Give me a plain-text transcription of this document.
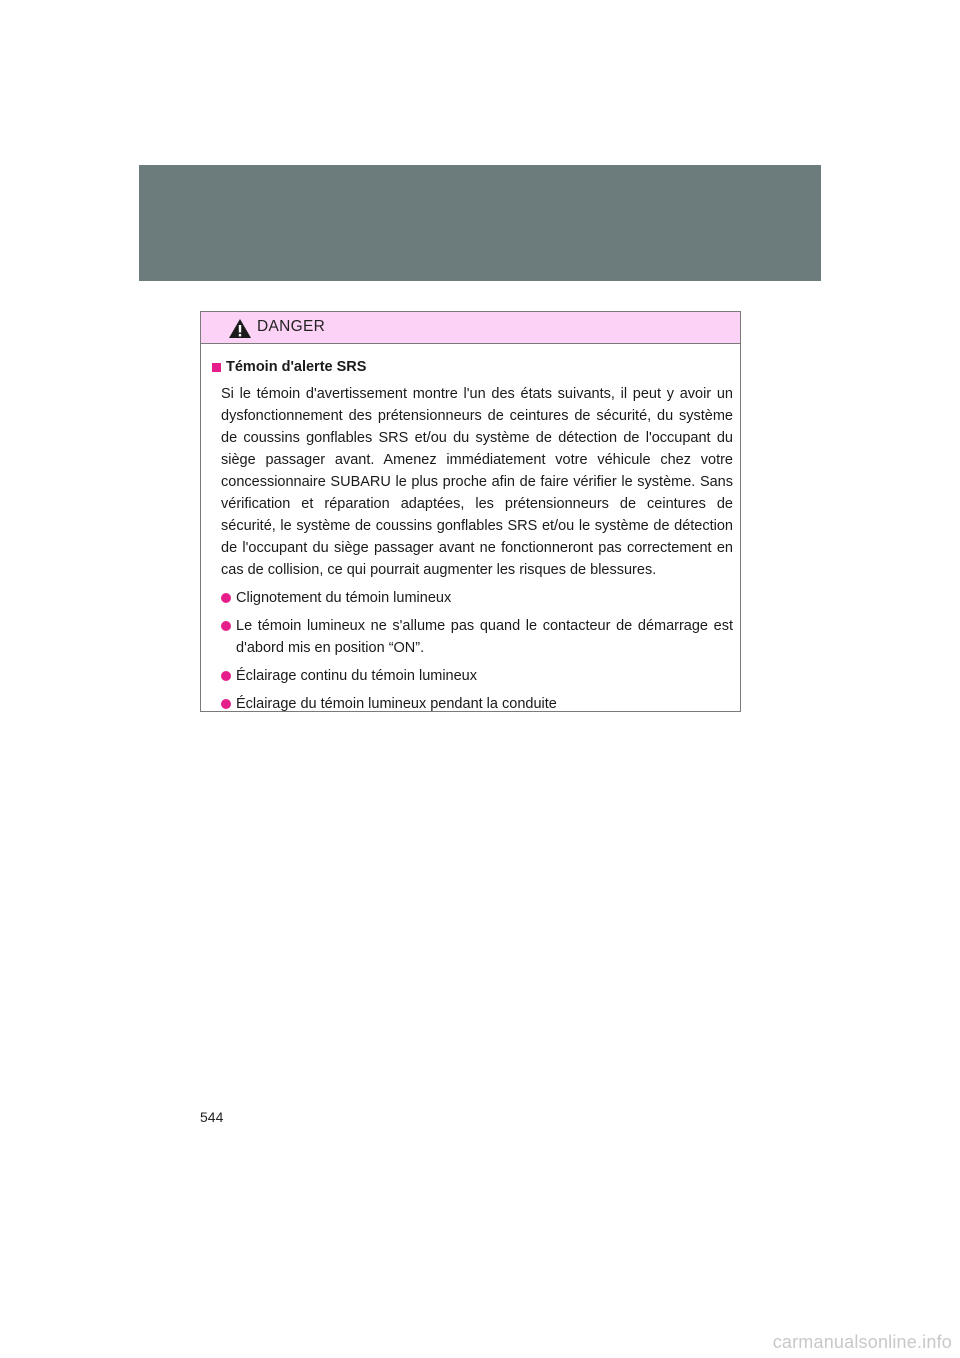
DANGER
Témoin d'alerte SRS
Si le témoin d'avertissement montre l'un des états suivants, il peut y avoir un dysfonctionnement des prétensionneurs de ceintures de sécurité, du système de coussins gonflables SRS et/ou du système de détection de l'occupant du siège passager avant. Amenez immédiatement votre véhicule chez votre concessionnaire SUBARU le plus proche afin de faire vérifier le système. Sans vérification et réparation adaptées, les prétensionneurs de ceintures de sécurité, le système de coussins gonflables SRS et/ou le système de détection de l'occupant du siège passager avant ne fonctionneront pas correctement en cas de collision, ce qui pourrait augmenter les risques de blessures.
Clignotement du témoin lumineux
Le témoin lumineux ne s'allume pas quand le contacteur de démarrage est d'abord mis en position “ON”.
Éclairage continu du témoin lumineux
Éclairage du témoin lumineux pendant la conduite
544
carmanualsonline.info
